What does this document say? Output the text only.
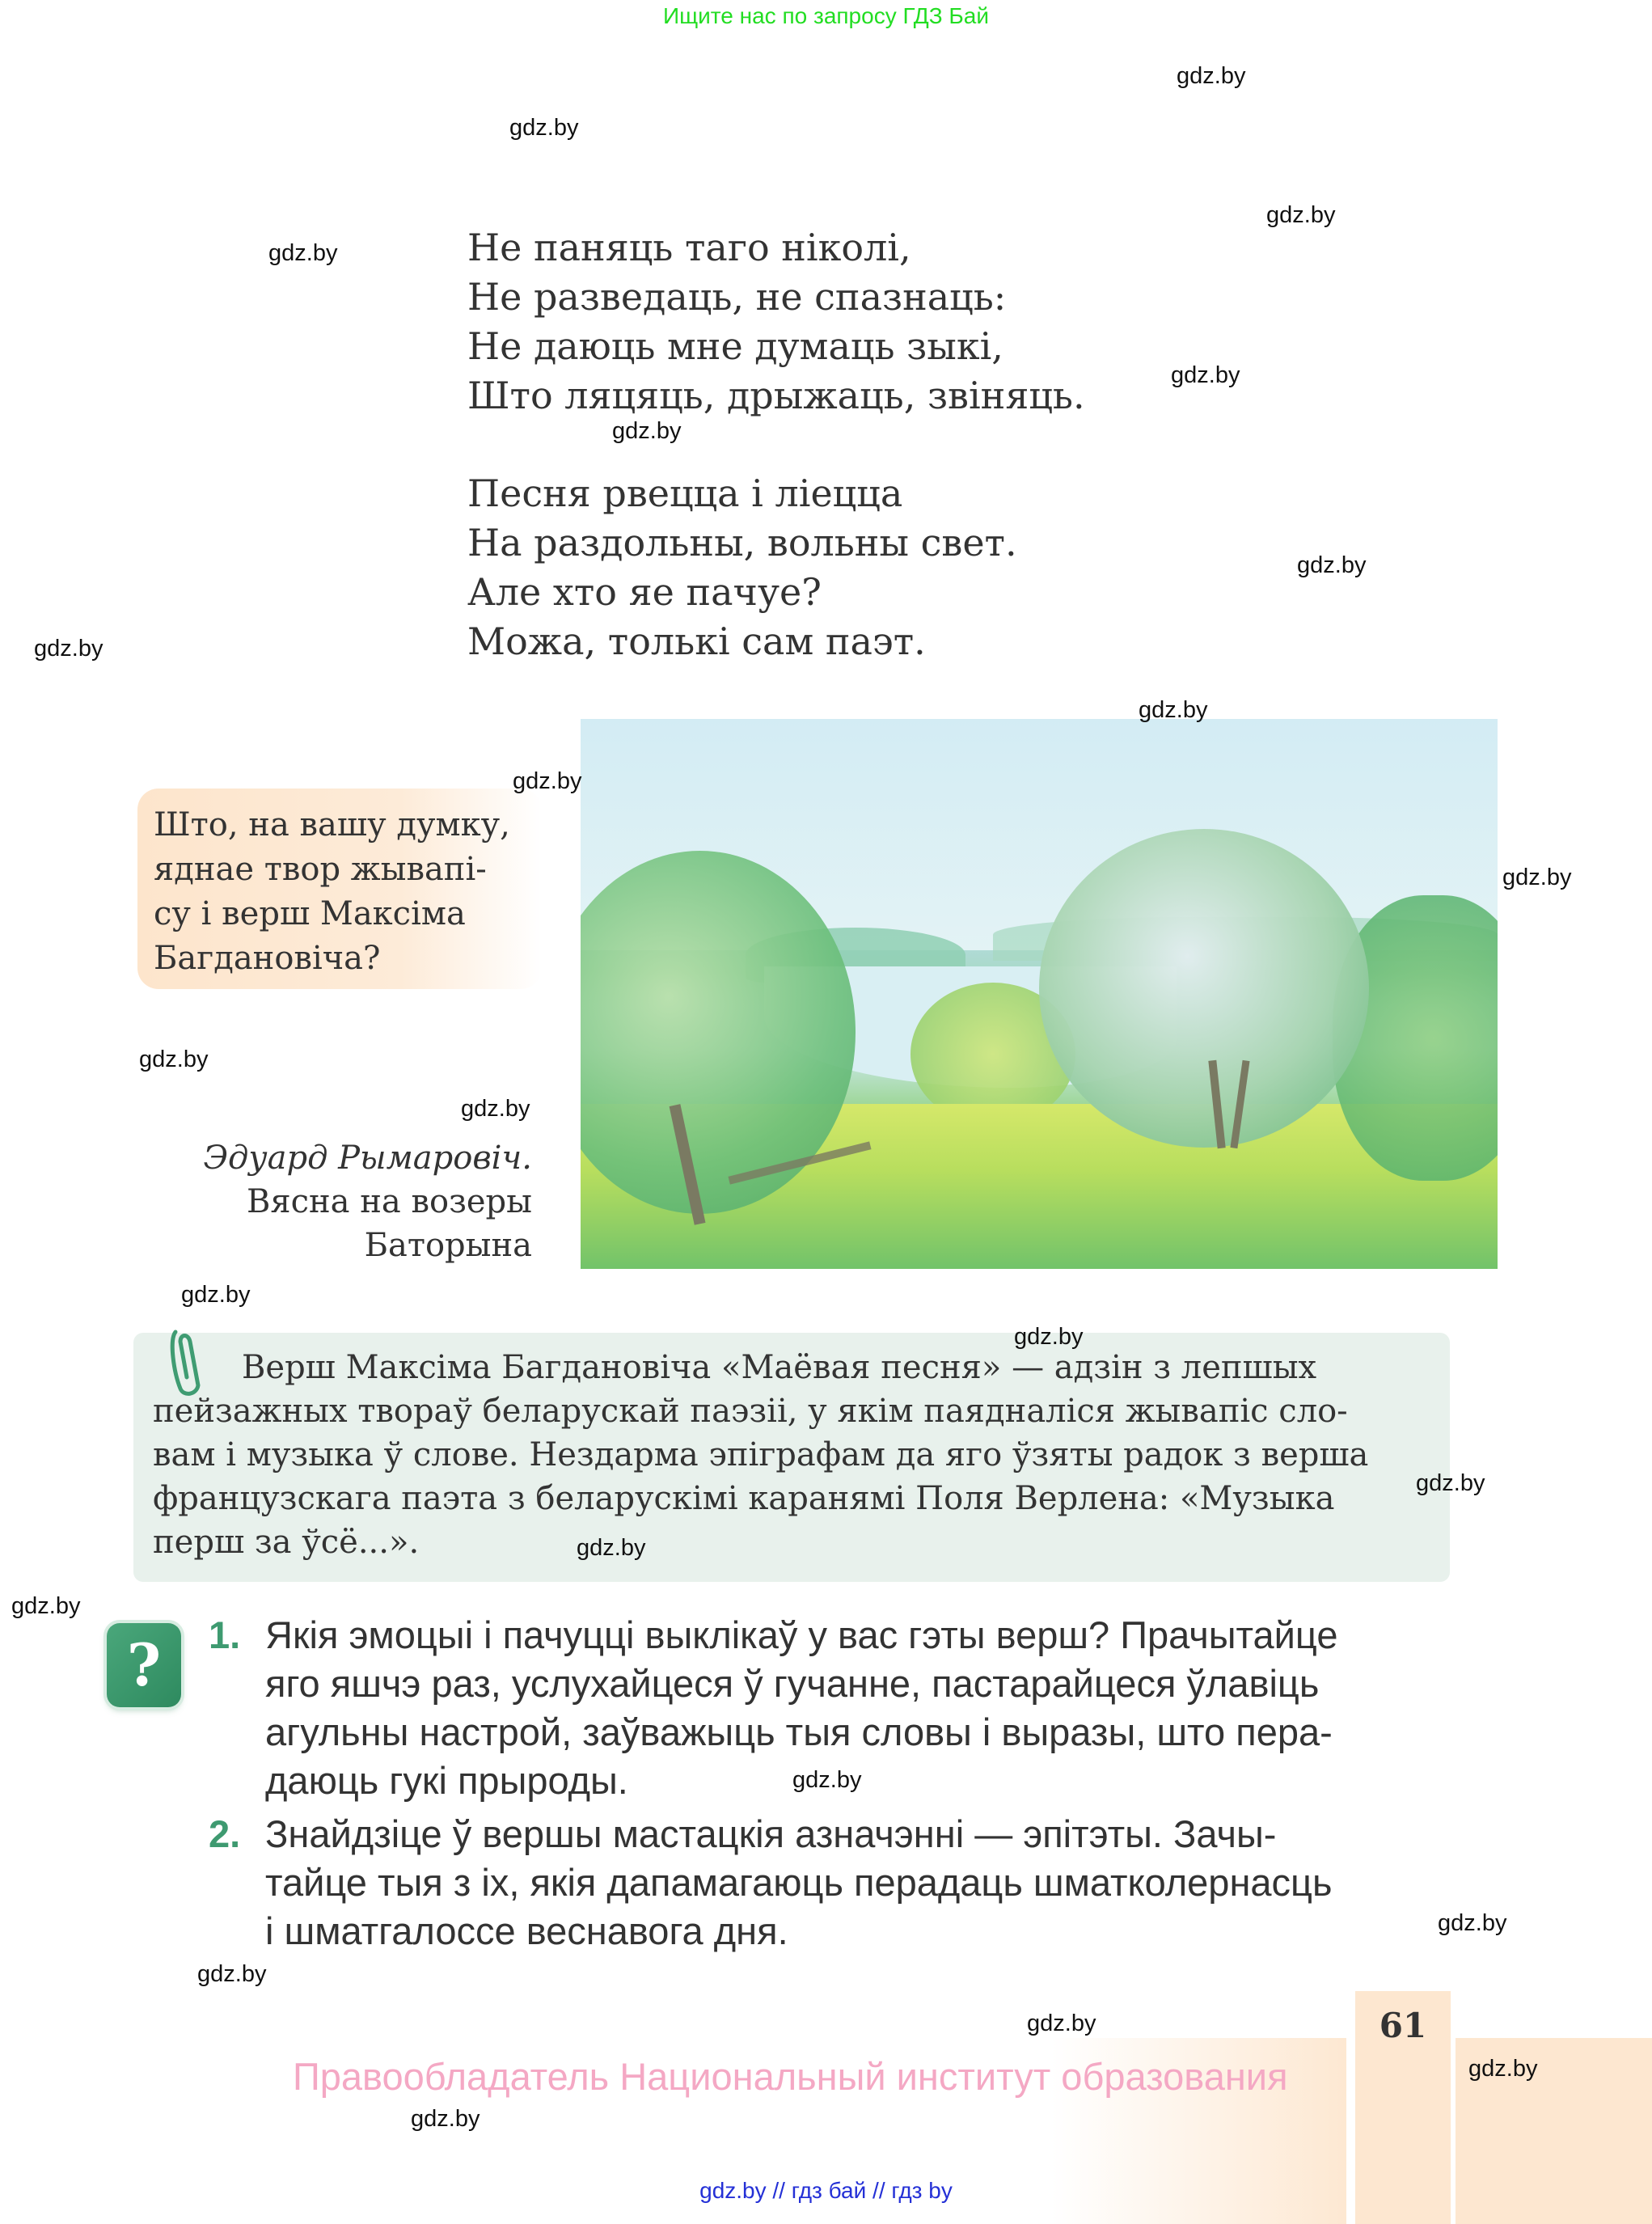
Ищите нас по запросу ГДЗ Бай
Не паняць таго ніколі,
Не разведаць, не спазнаць:
Не даюць мне думаць зыкі,
Што ляцяць, дрыжаць, звіняць.
Песня рвецца і ліецца
На раздольны, вольны свет.
Але хто яе пачуе?
Можа, толькі сам паэт.
Што, на вашу думку,
яднае твор жывапі-
су і верш Максіма
Багдановіча?
Эдуард Рымаровіч.
Вясна на возеры
Баторына
Верш Максіма Багдановіча «Маёвая песня» — адзін з лепшых
пейзажных твораў беларускай паэзіі, у якім паядналіся жывапіс сло-
вам і музыка ў слове. Нездарма эпіграфам да яго ўзяты радок з верша
французскага паэта з беларускімі каранямі Поля Верлена: «Музыка
перш за ўсё...».
?	1. Якія эмоцыі і пачуцці выклікаў у вас гэты верш? Прачытайце
яго яшчэ раз, услухайцеся ў гучанне, пастарайцеся ўлавіць
агульны настрой, заўважыць тыя словы і выразы, што пера-
даюць гукі прыроды.
2. Знайдзіце ў вершы мастацкія азначэнні — эпітэты. Зачы-
тайце тыя з іх, якія дапамагаюць перадаць шматколернасць
і шматгалоссе веснавога дня.
61
Правообладатель Национальный институт образования
gdz.by // гдз бай // гдз by
gdz.by
gdz.by
gdz.by
gdz.by
gdz.by
gdz.by
gdz.by
gdz.by
gdz.by
gdz.by
gdz.by
gdz.by
gdz.by
gdz.by
gdz.by
gdz.by
gdz.by
gdz.by
gdz.by
gdz.by
gdz.by
gdz.by
gdz.by
gdz.by
